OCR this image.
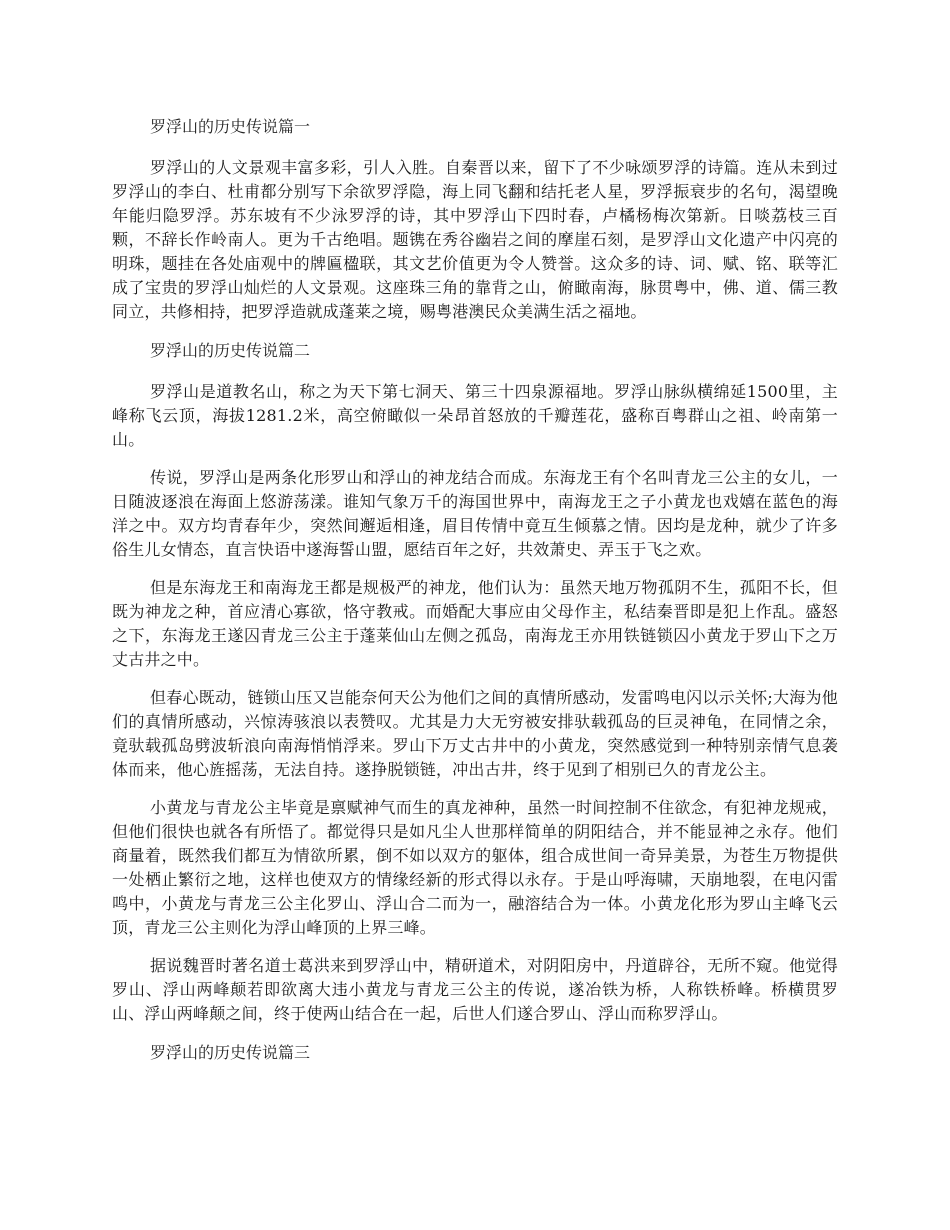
罗浮山的历史传说篇一

罗浮山的人文景观丰富多彩，引人入胜。自秦晋以来，留下了不少咏颂罗浮的诗篇。连从未到过罗浮山的李白、杜甫都分别写下余欲罗浮隐，海上同飞翻和结托老人星，罗浮振衰步的名句，渴望晚年能归隐罗浮。苏东坡有不少泳罗浮的诗，其中罗浮山下四时春，卢橘杨梅次第新。日啖荔枝三百颗，不辞长作岭南人。更为千古绝唱。题镌在秀谷幽岩之间的摩崖石刻，是罗浮山文化遗产中闪亮的明珠，题挂在各处庙观中的牌匾楹联，其文艺价值更为令人赞誉。这众多的诗、词、赋、铭、联等汇成了宝贵的罗浮山灿烂的人文景观。这座珠三角的靠背之山，俯瞰南海，脉贯粤中，佛、道、儒三教同立，共修相持，把罗浮造就成蓬莱之境，赐粤港澳民众美满生活之福地。

罗浮山的历史传说篇二

罗浮山是道教名山，称之为天下第七洞天、第三十四泉源福地。罗浮山脉纵横绵延1500里，主峰称飞云顶，海拔1281.2米，高空俯瞰似一朵昂首怒放的千瓣莲花，盛称百粤群山之祖、岭南第一山。

传说，罗浮山是两条化形罗山和浮山的神龙结合而成。东海龙王有个名叫青龙三公主的女儿，一日随波逐浪在海面上悠游荡漾。谁知气象万千的海国世界中，南海龙王之子小黄龙也戏嬉在蓝色的海洋之中。双方均青春年少，突然间邂逅相逢，眉目传情中竟互生倾慕之情。因均是龙种，就少了许多俗生儿女情态，直言快语中遂海誓山盟，愿结百年之好，共效萧史、弄玉于飞之欢。

但是东海龙王和南海龙王都是规极严的神龙，他们认为：虽然天地万物孤阴不生，孤阳不长，但既为神龙之种，首应清心寡欲，恪守教戒。而婚配大事应由父母作主，私结秦晋即是犯上作乱。盛怒之下，东海龙王遂囚青龙三公主于蓬莱仙山左侧之孤岛，南海龙王亦用铁链锁囚小黄龙于罗山下之万丈古井之中。

但春心既动，链锁山压又岂能奈何天公为他们之间的真情所感动，发雷鸣电闪以示关怀;大海为他们的真情所感动，兴惊涛骇浪以表赞叹。尤其是力大无穷被安排驮载孤岛的巨灵神龟，在同情之余，竟驮载孤岛劈波斩浪向南海悄悄浮来。罗山下万丈古井中的小黄龙，突然感觉到一种特别亲情气息袭体而来，他心旌摇荡，无法自持。遂挣脱锁链，冲出古井，终于见到了相别已久的青龙公主。

小黄龙与青龙公主毕竟是禀赋神气而生的真龙神种，虽然一时间控制不住欲念，有犯神龙规戒，但他们很快也就各有所悟了。都觉得只是如凡尘人世那样简单的阴阳结合，并不能显神之永存。他们商量着，既然我们都互为情欲所累，倒不如以双方的躯体，组合成世间一奇异美景，为苍生万物提供一处栖止繁衍之地，这样也使双方的情缘经新的形式得以永存。于是山呼海啸，天崩地裂，在电闪雷鸣中，小黄龙与青龙三公主化罗山、浮山合二而为一，融溶结合为一体。小黄龙化形为罗山主峰飞云顶，青龙三公主则化为浮山峰顶的上界三峰。

据说魏晋时著名道士葛洪来到罗浮山中，精研道术，对阴阳房中，丹道辟谷，无所不窥。他觉得罗山、浮山两峰颠若即欲离大违小黄龙与青龙三公主的传说，遂冶铁为桥，人称铁桥峰。桥横贯罗山、浮山两峰颠之间，终于使两山结合在一起，后世人们遂合罗山、浮山而称罗浮山。

罗浮山的历史传说篇三
